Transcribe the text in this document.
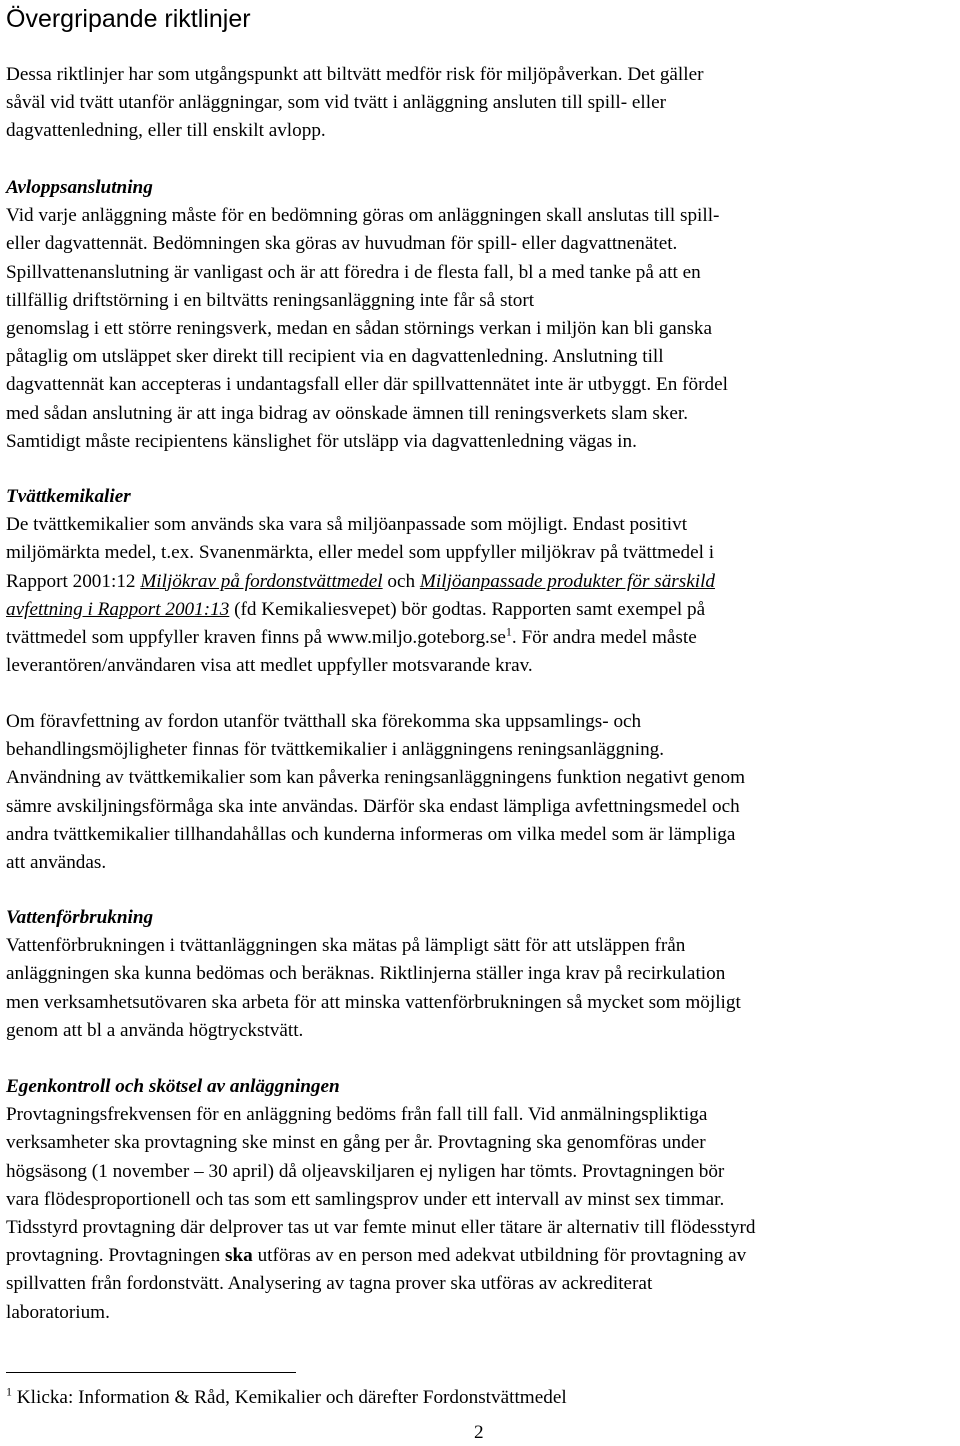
Övergripande riktlinjer
Dessa riktlinjer har som utgångspunkt att biltvätt medför risk för miljöpåverkan. Det gäller
såväl vid tvätt utanför anläggningar, som vid tvätt i anläggning ansluten till spill- eller
dagvattenledning, eller till enskilt avlopp.
Avloppsanslutning
Vid varje anläggning måste för en bedömning göras om anläggningen skall anslutas till spill-
eller dagvattennät. Bedömningen ska göras av huvudman för spill- eller dagvattnenätet.
Spillvattenanslutning är vanligast och är att föredra i de flesta fall, bl a med tanke på att en
tillfällig driftstörning i en biltvätts reningsanläggning inte får så stort
genomslag i ett större reningsverk, medan en sådan störnings verkan i miljön kan bli ganska
påtaglig om utsläppet sker direkt till recipient via en dagvattenledning. Anslutning till
dagvattennät kan accepteras i undantagsfall eller där spillvattennätet inte är utbyggt. En fördel
med sådan anslutning är att inga bidrag av oönskade ämnen till reningsverkets slam sker.
Samtidigt måste recipientens känslighet för utsläpp via dagvattenledning vägas in.
Tvättkemikalier
De tvättkemikalier som används ska vara så miljöanpassade som möjligt. Endast positivt
miljömärkta medel, t.ex. Svanenmärkta, eller medel som uppfyller miljökrav på tvättmedel i
Rapport 2001:12 Miljökrav på fordonstvättmedel och Miljöanpassade produkter för särskild
avfettning i Rapport 2001:13 (fd Kemikaliesvepet) bör godtas. Rapporten samt exempel på
tvättmedel som uppfyller kraven finns på $www.miljo.goteborg.se^1$. För andra medel måste
leverantören/användaren visa att medlet uppfyller motsvarande krav.
Om föravfettning av fordon utanför tvätthall ska förekomma ska uppsamlings- och
behandlingsmöjligheter finnas för tvättkemikalier i anläggningens reningsanläggning.
Användning av tvättkemikalier som kan påverka reningsanläggningens funktion negativt genom
sämre avskiljningsförmåga ska inte användas. Därför ska endast lämpliga avfettningsmedel och
andra tvättkemikalier tillhandahållas och kunderna informeras om vilka medel som är lämpliga
att användas.
Vattenförbrukning
Vattenförbrukningen i tvättanläggningen ska mätas på lämpligt sätt för att utsläppen från
anläggningen ska kunna bedömas och beräknas. Riktlinjerna ställer inga krav på recirkulation
men verksamhetsutövaren ska arbeta för att minska vattenförbrukningen så mycket som möjligt
genom att bl a använda högtryckstvätt.
Egenkontroll och skötsel av anläggningen
Provtagningsfrekvensen för en anläggning bedöms från fall till fall. Vid anmälningspliktiga
verksamheter ska provtagning ske minst en gång per år. Provtagning ska genomföras under
högsäsong (1 november – 30 april) då oljeavskiljaren ej nyligen har tömts. Provtagningen bör
vara flödesproportionell och tas som ett samlingsprov under ett intervall av minst sex timmar.
Tidsstyrd provtagning där delprover tas ut var femte minut eller tätare är alternativ till flödesstyrd
provtagning. Provtagningen ska utföras av en person med adekvat utbildning för provtagning av
spillvatten från fordonstvätt. Analysering av tagna prover ska utföras av ackrediterat
laboratorium.
$^1$ Klicka: Information & Råd, Kemikalier och därefter Fordonstvättmedel
2
